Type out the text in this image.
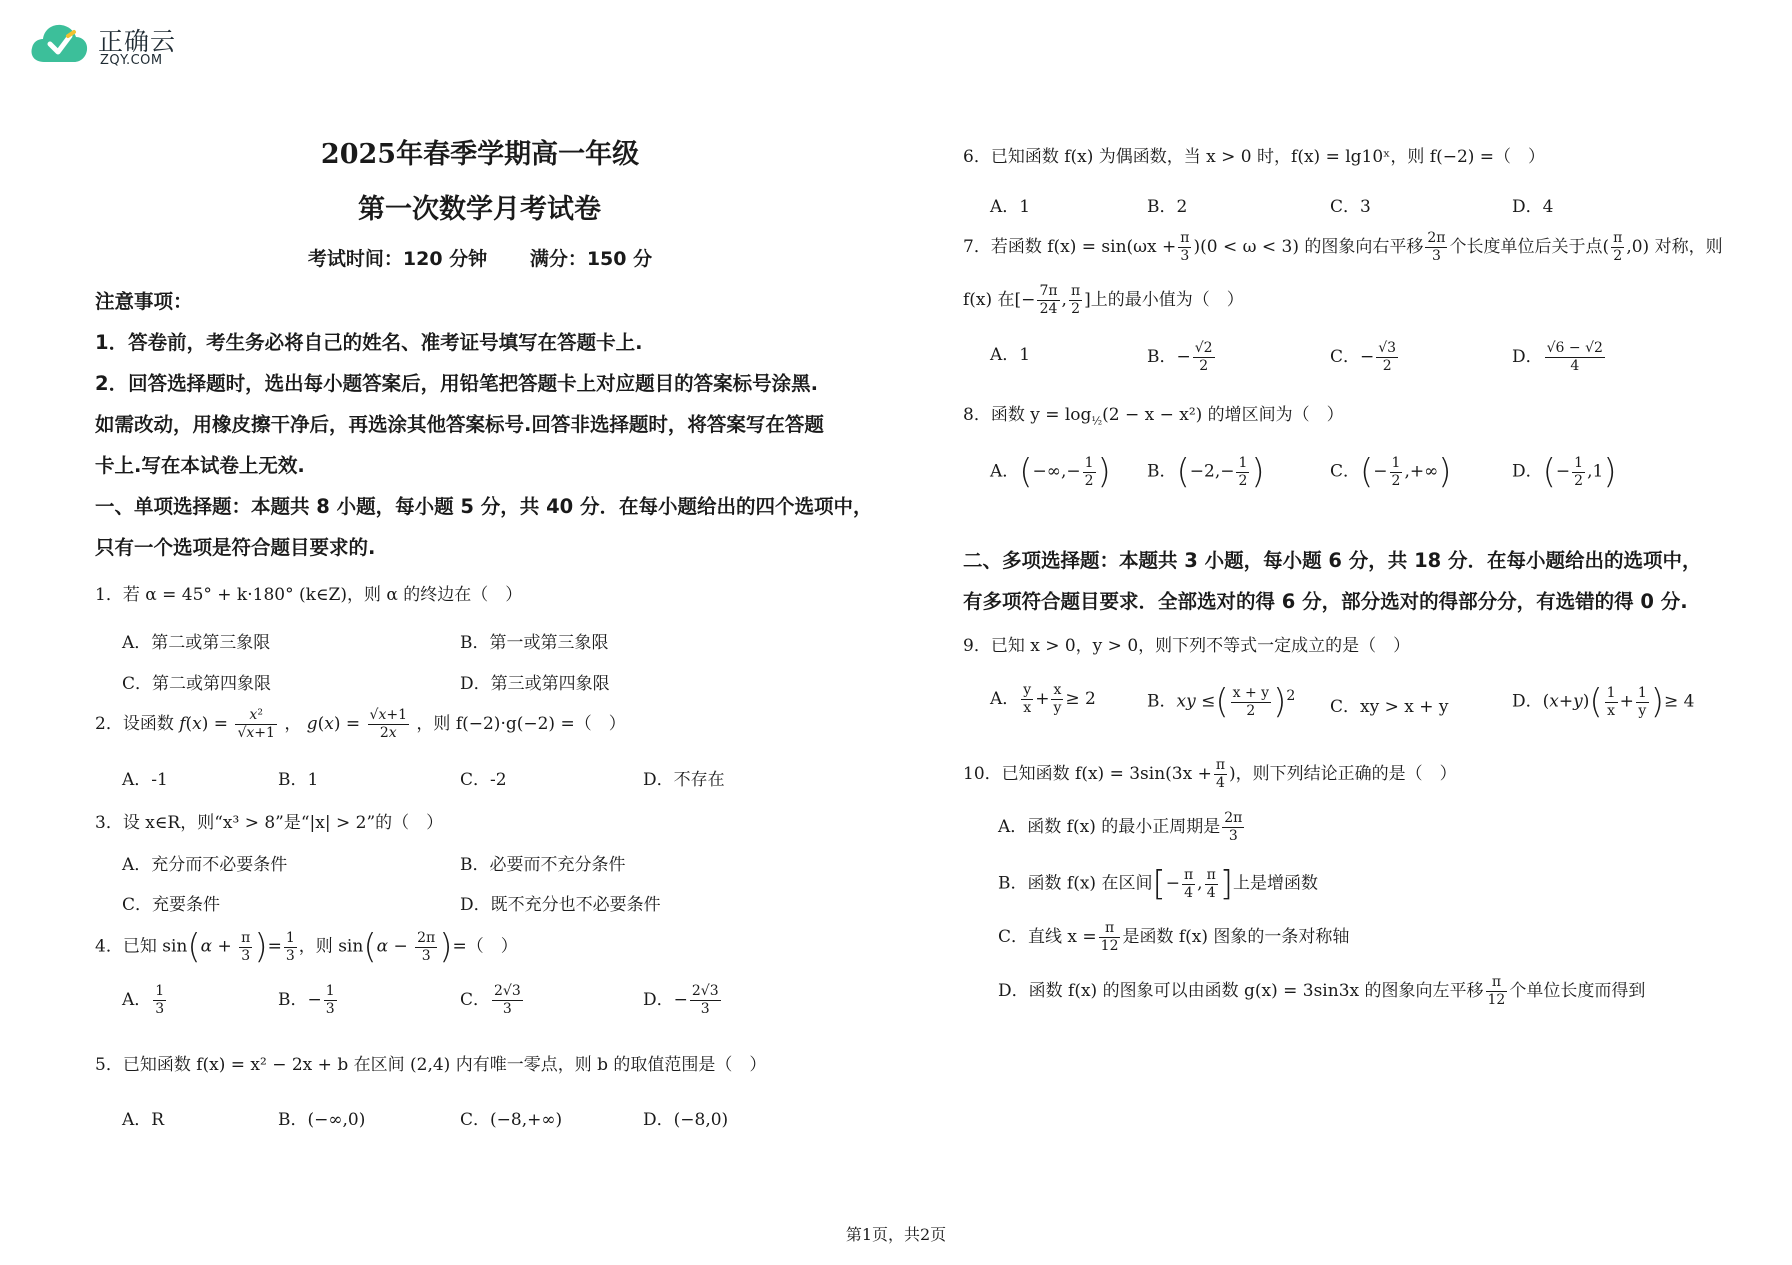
正确云
ZQY.COM
2025年春季学期高一年级
第一次数学月考试卷
考试时间：120 分钟 满分：150 分
注意事项：
1．答卷前，考生务必将自己的姓名、准考证号填写在答题卡上.
2．回答选择题时，选出每小题答案后，用铅笔把答题卡上对应题目的答案标号涂黑.
如需改动，用橡皮擦干净后，再选涂其他答案标号.回答非选择题时，将答案写在答题
卡上.写在本试卷上无效.
一、单项选择题：本题共 8 小题，每小题 5 分，共 40 分．在每小题给出的四个选项中，
只有一个选项是符合题目要求的.
1．若 α = 45° + k·180° (k∈Z)，则 α 的终边在（　）
A．第二或第三象限	B．第一或第三象限
C．第二或第四象限	D．第三或第四象限
2．设函数 $f(x) = \frac{\text{x²}}{√x+1}$ ， $g(x) = \frac{√x+1}{2x}$ ，则 f(−2)·g(−2) =（　）
A．-1	B．1	C．-2	D．不存在
3．设 x∈R，则“x³ > 8”是“|x| > 2”的（　）
A．充分而不必要条件	B．必要而不充分条件
C．充要条件	D．既不充分也不必要条件
4．已知 $\sin(\alpha + \frac{\pi}{3}$ )= $\frac{1}{3}$ ，则 $\sin(\alpha - \frac{2\pi}{3}$ )=（　）
A． $\frac{1}{3}$	B．− $\frac{1}{3}$	C． $\frac{2√3}{3}$	D．− $\frac{2√3}{3}$
5．已知函数 f(x) = x² − 2x + b 在区间 (2,4) 内有唯一零点，则 b 的取值范围是（　）
A．R	B．(−∞,0)	C．(−8,+∞)	D．(−8,0)
6．已知函数 f(x) 为偶函数，当 x > 0 时，f(x) = lg10ˣ，则 f(−2) =（　）
A．1	B．2	C．3	D．4
7．若函数 $f(x) = \sin(\omega x + \frac{\pi}{3} )(0 < \omega < 3)$ 的图象向右平移 $\frac{2\pi}{3}$ 个长度单位后关于点( $\frac{\pi}{2} ,0$) 对称，则
f(x) 在[− $\frac{7\pi}{24}$ , $\frac{\pi}{2}$ ]上的最小值为（　）
A．1	B．− $\frac{√2}{2}$	C．− $\frac{√3}{2}$	D． $\frac{√6 - √2}{4}$
8．函数 $y = \log_{\frac{1}{2}}(2 - x - x^2)$ 的增区间为（　）
A．(−∞,− $\frac{1}{2}$ ) B．($-2,- \frac{1}{2}$ )	C．(− $\frac{1}{2}$ ,+∞)	D．(− $\frac{1}{2} ,1$)
二、多项选择题：本题共 3 小题，每小题 6 分，共 18 分．在每小题给出的选项中，
有多项符合题目要求．全部选对的得 6 分，部分选对的得部分分，有选错的得 0 分.
9．已知 x > 0，y > 0，则下列不等式一定成立的是（　）
A． $\frac{y}{x} + \frac{x}{y} \ge 2$	B．xy ≤( $\frac{x + y}{2} )^2$
C．xy > x + y	D．$(x+y)( \frac{1}{x} + \frac{1}{y}$ )≥ 4
10．已知函数 $f(x) = 3\sin(3x + \frac{\pi}{4}$ )，则下列结论正确的是（　）
A．函数 f(x) 的最小正周期是 $\frac{2\pi}{3}$
B．函数 f(x) 在区间[− $\frac{\pi}{4}$ , $\frac{\pi}{4}$ ]上是增函数
C．直线 $x = \frac{\pi}{12}$ 是函数 f(x) 图象的一条对称轴
D．函数 f(x) 的图象可以由函数 g(x) = 3sin3x 的图象向左平移 $\frac{\pi}{12}$ 个单位长度而得到
第1页，共2页
